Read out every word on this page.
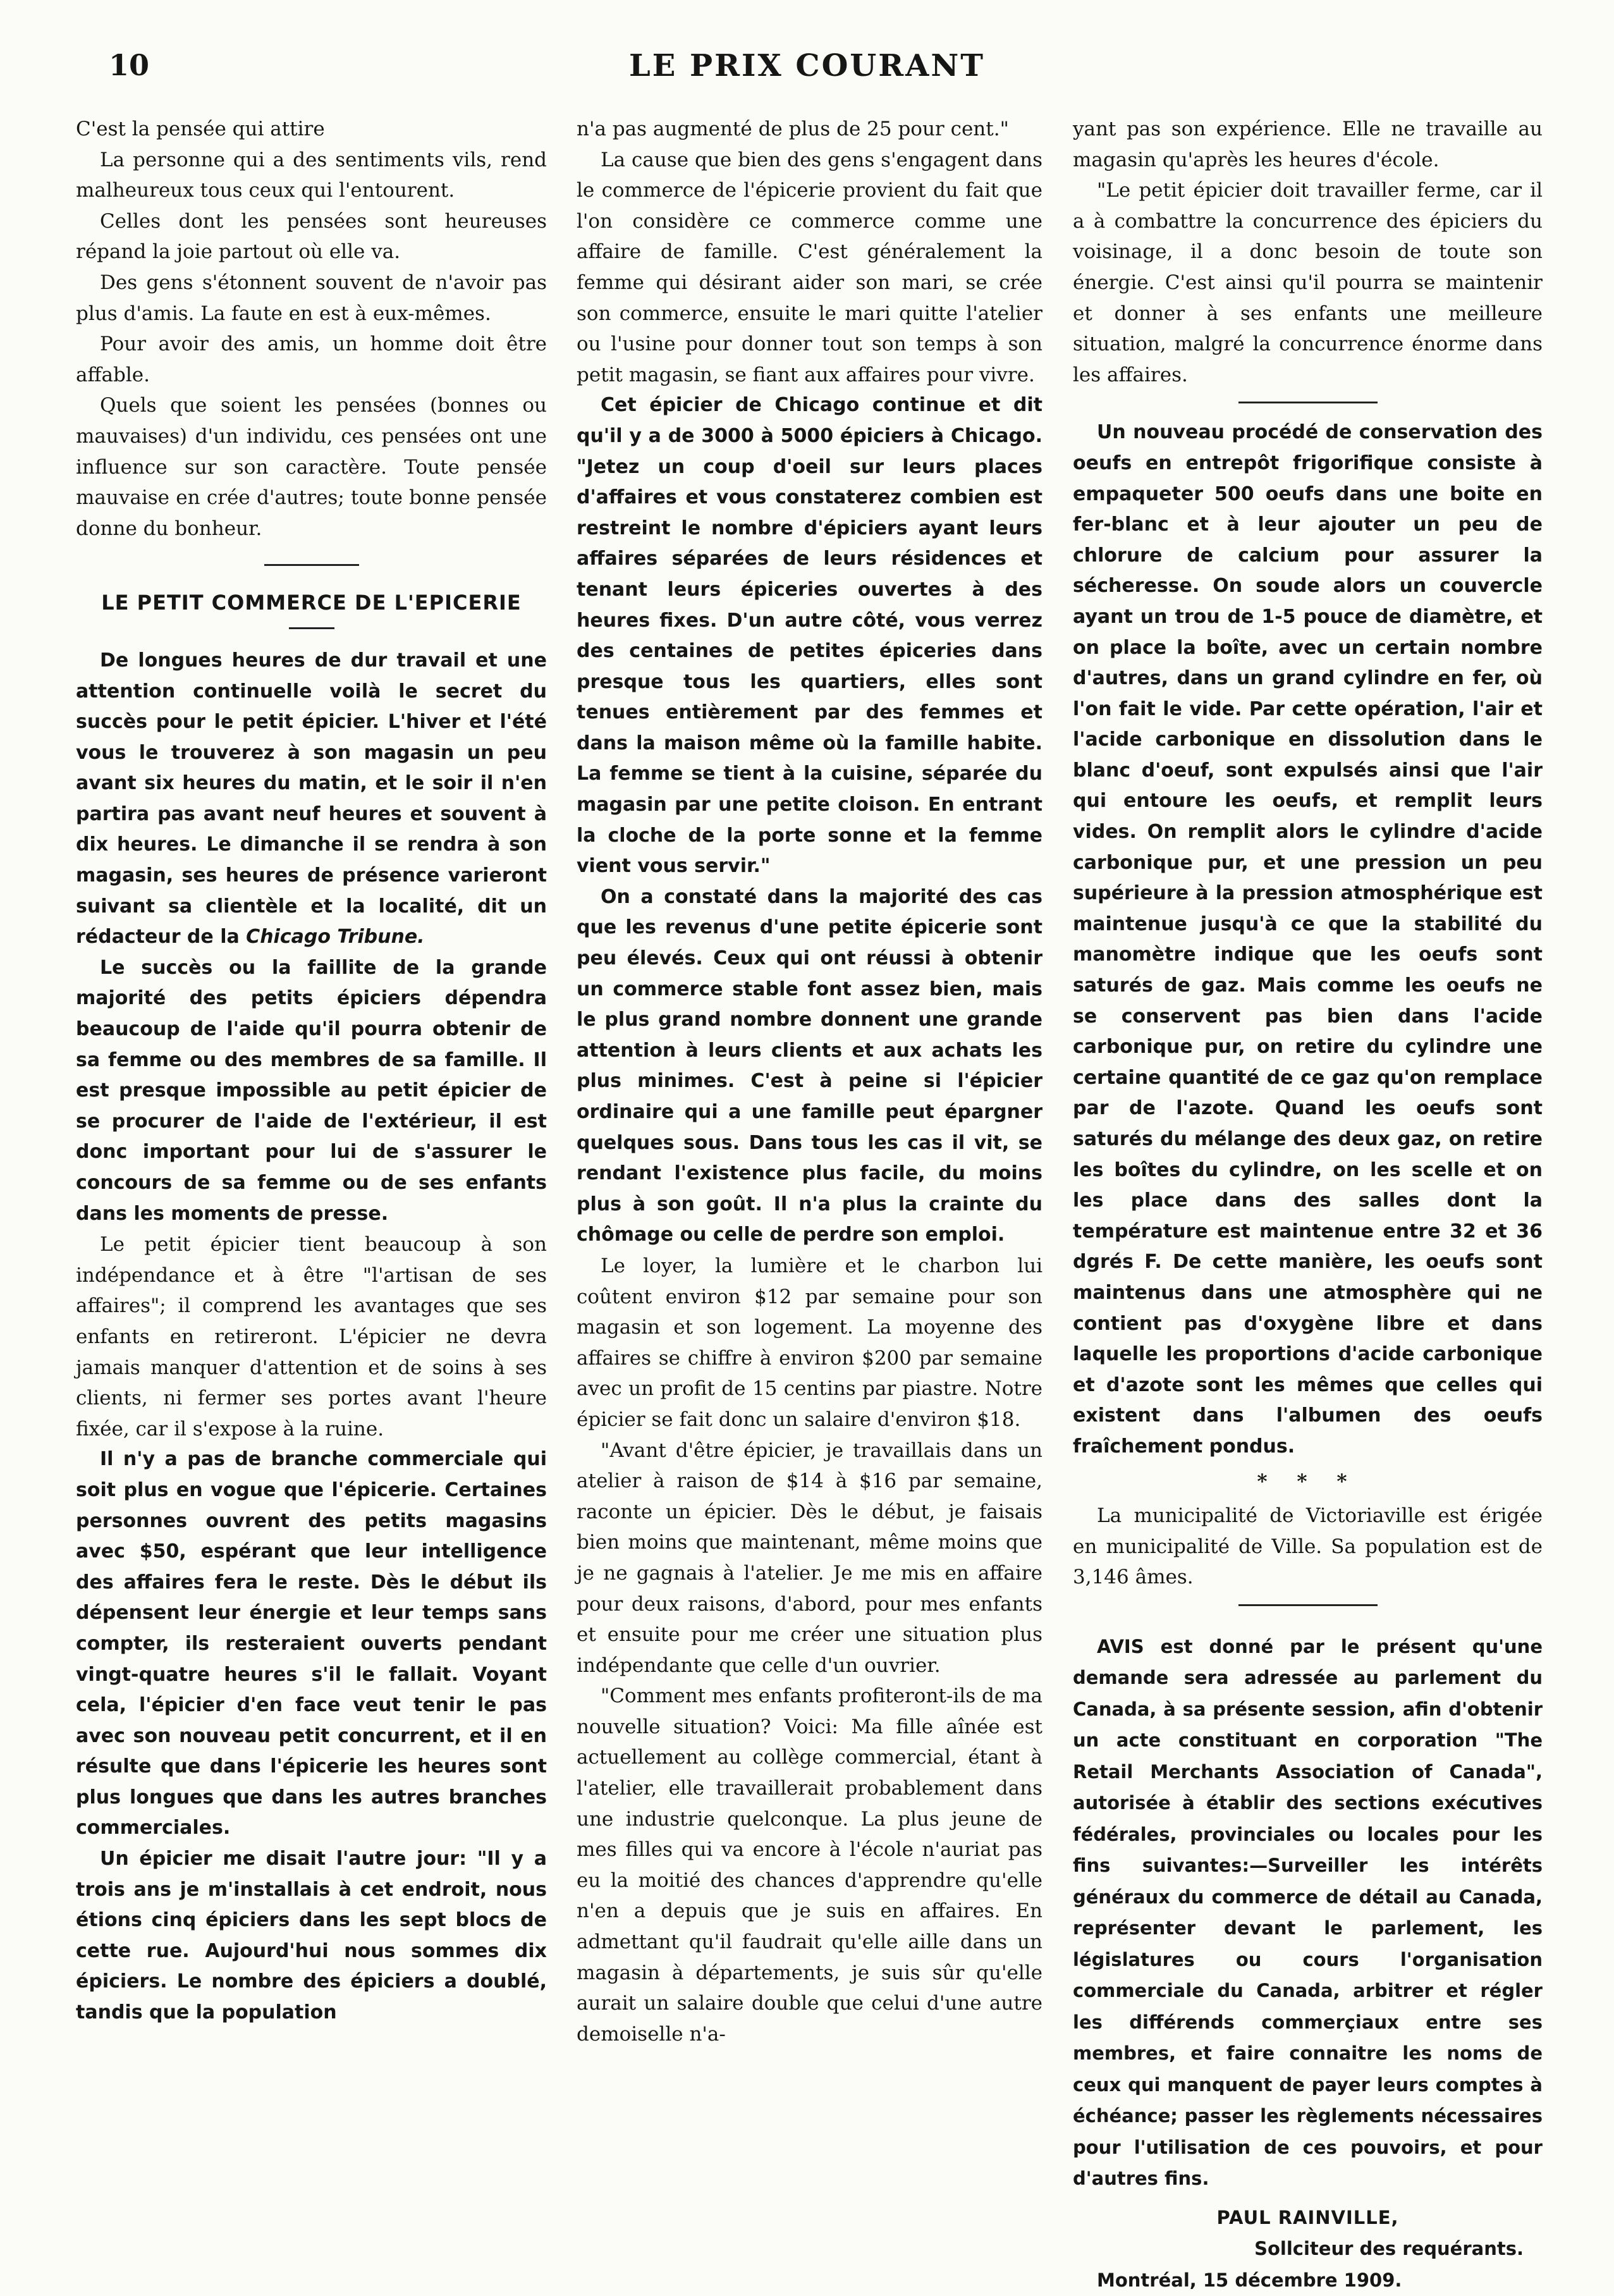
10	LE PRIX COURANT

C'est la pensée qui attire

La personne qui a des sentiments vils, rend malheureux tous ceux qui l'entourent.

Celles dont les pensées sont heureuses répand la joie partout où elle va.

Des gens s'étonnent souvent de n'avoir pas plus d'amis. La faute en est à eux-mêmes.

Pour avoir des amis, un homme doit être affable.

Quels que soient les pensées (bonnes ou mauvaises) d'un individu, ces pensées ont une influence sur son caractère. Toute pensée mauvaise en crée d'autres; toute bonne pensée donne du bonheur.

LE PETIT COMMERCE DE L'EPICERIE

De longues heures de dur travail et une attention continuelle voilà le secret du succès pour le petit épicier. L'hiver et l'été vous le trouverez à son magasin un peu avant six heures du matin, et le soir il n'en partira pas avant neuf heures et souvent à dix heures. Le dimanche il se rendra à son magasin, ses heures de présence varieront suivant sa clientèle et la localité, dit un rédacteur de la Chicago Tribune.

Le succès ou la faillite de la grande majorité des petits épiciers dépendra beaucoup de l'aide qu'il pourra obtenir de sa femme ou des membres de sa famille. Il est presque impossible au petit épicier de se procurer de l'aide de l'extérieur, il est donc important pour lui de s'assurer le concours de sa femme ou de ses enfants dans les moments de presse.

Le petit épicier tient beaucoup à son indépendance et à être "l'artisan de ses affaires"; il comprend les avantages que ses enfants en retireront. L'épicier ne devra jamais manquer d'attention et de soins à ses clients, ni fermer ses portes avant l'heure fixée, car il s'expose à la ruine.

Il n'y a pas de branche commerciale qui soit plus en vogue que l'épicerie. Certaines personnes ouvrent des petits magasins avec $50, espérant que leur intelligence des affaires fera le reste. Dès le début ils dépensent leur énergie et leur temps sans compter, ils resteraient ouverts pendant vingt-quatre heures s'il le fallait. Voyant cela, l'épicier d'en face veut tenir le pas avec son nouveau petit concurrent, et il en résulte que dans l'épicerie les heures sont plus longues que dans les autres branches commerciales.

Un épicier me disait l'autre jour: "Il y a trois ans je m'installais à cet endroit, nous étions cinq épiciers dans les sept blocs de cette rue. Aujourd'hui nous sommes dix épiciers. Le nombre des épiciers a doublé, tandis que la population

n'a pas augmenté de plus de 25 pour cent."

La cause que bien des gens s'engagent dans le commerce de l'épicerie provient du fait que l'on considère ce commerce comme une affaire de famille. C'est généralement la femme qui désirant aider son mari, se crée son commerce, ensuite le mari quitte l'atelier ou l'usine pour donner tout son temps à son petit magasin, se fiant aux affaires pour vivre.

Cet épicier de Chicago continue et dit qu'il y a de 3000 à 5000 épiciers à Chicago. "Jetez un coup d'oeil sur leurs places d'affaires et vous constaterez combien est restreint le nombre d'épiciers ayant leurs affaires séparées de leurs résidences et tenant leurs épiceries ouvertes à des heures fixes. D'un autre côté, vous verrez des centaines de petites épiceries dans presque tous les quartiers, elles sont tenues entièrement par des femmes et dans la maison même où la famille habite. La femme se tient à la cuisine, séparée du magasin par une petite cloison. En entrant la cloche de la porte sonne et la femme vient vous servir."

On a constaté dans la majorité des cas que les revenus d'une petite épicerie sont peu élevés. Ceux qui ont réussi à obtenir un commerce stable font assez bien, mais le plus grand nombre donnent une grande attention à leurs clients et aux achats les plus minimes. C'est à peine si l'épicier ordinaire qui a une famille peut épargner quelques sous. Dans tous les cas il vit, se rendant l'existence plus facile, du moins plus à son goût. Il n'a plus la crainte du chômage ou celle de perdre son emploi.

Le loyer, la lumière et le charbon lui coûtent environ $12 par semaine pour son magasin et son logement. La moyenne des affaires se chiffre à environ $200 par semaine avec un profit de 15 centins par piastre. Notre épicier se fait donc un salaire d'environ $18.

"Avant d'être épicier, je travaillais dans un atelier à raison de $14 à $16 par semaine, raconte un épicier. Dès le début, je faisais bien moins que maintenant, même moins que je ne gagnais à l'atelier. Je me mis en affaire pour deux raisons, d'abord, pour mes enfants et ensuite pour me créer une situation plus indépendante que celle d'un ouvrier.

"Comment mes enfants profiteront-ils de ma nouvelle situation? Voici: Ma fille aînée est actuellement au collège commercial, étant à l'atelier, elle travaillerait probablement dans une industrie quelconque. La plus jeune de mes filles qui va encore à l'école n'auriat pas eu la moitié des chances d'apprendre qu'elle n'en a depuis que je suis en affaires. En admettant qu'il faudrait qu'elle aille dans un magasin à départements, je suis sûr qu'elle aurait un salaire double que celui d'une autre demoiselle n'a-

yant pas son expérience. Elle ne travaille au magasin qu'après les heures d'école.

"Le petit épicier doit travailler ferme, car il a à combattre la concurrence des épiciers du voisinage, il a donc besoin de toute son énergie. C'est ainsi qu'il pourra se maintenir et donner à ses enfants une meilleure situation, malgré la concurrence énorme dans les affaires.

Un nouveau procédé de conservation des oeufs en entrepôt frigorifique consiste à empaqueter 500 oeufs dans une boite en fer-blanc et à leur ajouter un peu de chlorure de calcium pour assurer la sécheresse. On soude alors un couvercle ayant un trou de 1-5 pouce de diamètre, et on place la boîte, avec un certain nombre d'autres, dans un grand cylindre en fer, où l'on fait le vide. Par cette opération, l'air et l'acide carbonique en dissolution dans le blanc d'oeuf, sont expulsés ainsi que l'air qui entoure les oeufs, et remplit leurs vides. On remplit alors le cylindre d'acide carbonique pur, et une pression un peu supérieure à la pression atmosphérique est maintenue jusqu'à ce que la stabilité du manomètre indique que les oeufs sont saturés de gaz. Mais comme les oeufs ne se conservent pas bien dans l'acide carbonique pur, on retire du cylindre une certaine quantité de ce gaz qu'on remplace par de l'azote. Quand les oeufs sont saturés du mélange des deux gaz, on retire les boîtes du cylindre, on les scelle et on les place dans des salles dont la température est maintenue entre 32 et 36 dgrés F. De cette manière, les oeufs sont maintenus dans une atmosphère qui ne contient pas d'oxygène libre et dans laquelle les proportions d'acide carbonique et d'azote sont les mêmes que celles qui existent dans l'albumen des oeufs fraîchement pondus.

* * *

La municipalité de Victoriaville est érigée en municipalité de Ville. Sa population est de 3,146 âmes.

AVIS est donné par le présent qu'une demande sera adressée au parlement du Canada, à sa présente session, afin d'obtenir un acte constituant en corporation "The Retail Merchants Association of Canada", autorisée à établir des sections exécutives fédérales, provinciales ou locales pour les fins suivantes:—Surveiller les intérêts généraux du commerce de détail au Canada, représenter devant le parlement, les législatures ou cours l'organisation commerciale du Canada, arbitrer et régler les différends commerçiaux entre ses membres, et faire connaitre les noms de ceux qui manquent de payer leurs comptes à échéance; passer les règlements nécessaires pour l'utilisation de ces pouvoirs, et pour d'autres fins.

PAUL RAINVILLE,
Sollciteur des requérants.
Montréal, 15 décembre 1909.
